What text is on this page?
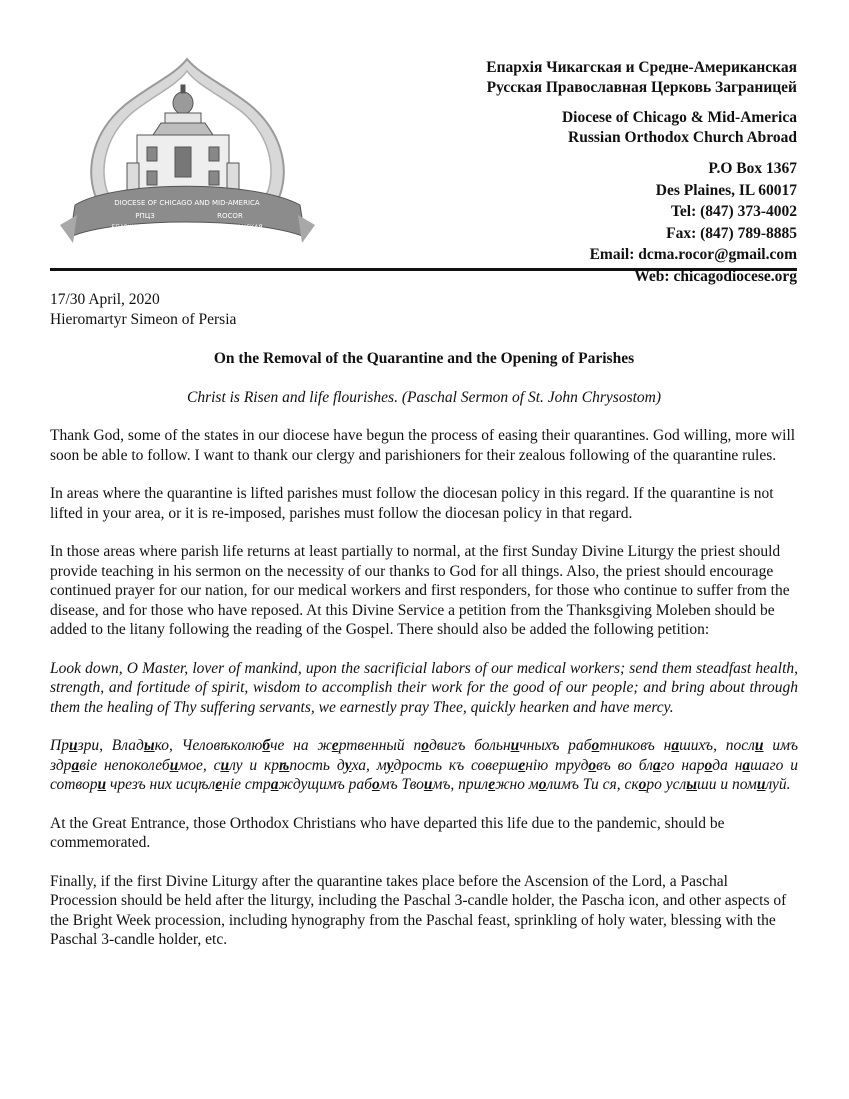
DIOCESE OF CHICAGO AND MID-AMERICA
РПЦЗ	ROCOR
ЕПАРХІЯ ЧИКАГСКАЯ И СРЕДНЕ-АМЕРИКАНСКАЯ
Епархія Чикагская и Средне-Американская
Русская Православная Церковь Заграницей
Diocese of Chicago & Mid-America
Russian Orthodox Church Abroad
P.O Box 1367
Des Plaines, IL 60017
Tel: (847) 373-4002
Fax: (847) 789-8885
Email: dcma.rocor@gmail.com
Web: chicagodiocese.org
17/30 April, 2020
Hieromartyr Simeon of Persia
On the Removal of the Quarantine and the Opening of Parishes
Christ is Risen and life flourishes. (Paschal Sermon of St. John Chrysostom)

Thank God, some of the states in our diocese have begun the process of easing their quarantines. God willing, more will soon be able to follow. I want to thank our clergy and parishioners for their zealous following of the quarantine rules.

In areas where the quarantine is lifted parishes must follow the diocesan policy in this regard. If the quarantine is not lifted in your area, or it is re-imposed, parishes must follow the diocesan policy in that regard.

In those areas where parish life returns at least partially to normal, at the first Sunday Divine Liturgy the priest should provide teaching in his sermon on the necessity of our thanks to God for all things. Also, the priest should encourage continued prayer for our nation, for our medical workers and first responders, for those who continue to suffer from the disease, and for those who have reposed. At this Divine Service a petition from the Thanksgiving Moleben should be added to the litany following the reading of the Gospel. There should also be added the following petition:

Look down, O Master, lover of mankind, upon the sacrificial labors of our medical workers; send them steadfast health, strength, and fortitude of spirit, wisdom to accomplish their work for the good of our people; and bring about through them the healing of Thy suffering servants, we earnestly pray Thee, quickly hearken and have mercy.

Призри, Владыко, Человѣколюбче на жертвенный подвигъ больничныхъ работниковъ нашихъ, посли имъ здравіе непоколебимое, силу и крѣпость духа, мудрость къ совершенію трудовъ во благо народа нашаго и сотвори чрезъ них исцѣленіе страждущимъ рабомъ Твоимъ, прилежно молимъ Ти ся, скоро услыши и помилуй.

At the Great Entrance, those Orthodox Christians who have departed this life due to the pandemic, should be commemorated.

Finally, if the first Divine Liturgy after the quarantine takes place before the Ascension of the Lord, a Paschal Procession should be held after the liturgy, including the Paschal 3-candle holder, the Pascha icon, and other aspects of the Bright Week procession, including hynography from the Paschal feast, sprinkling of holy water, blessing with the Paschal 3-candle holder, etc.
